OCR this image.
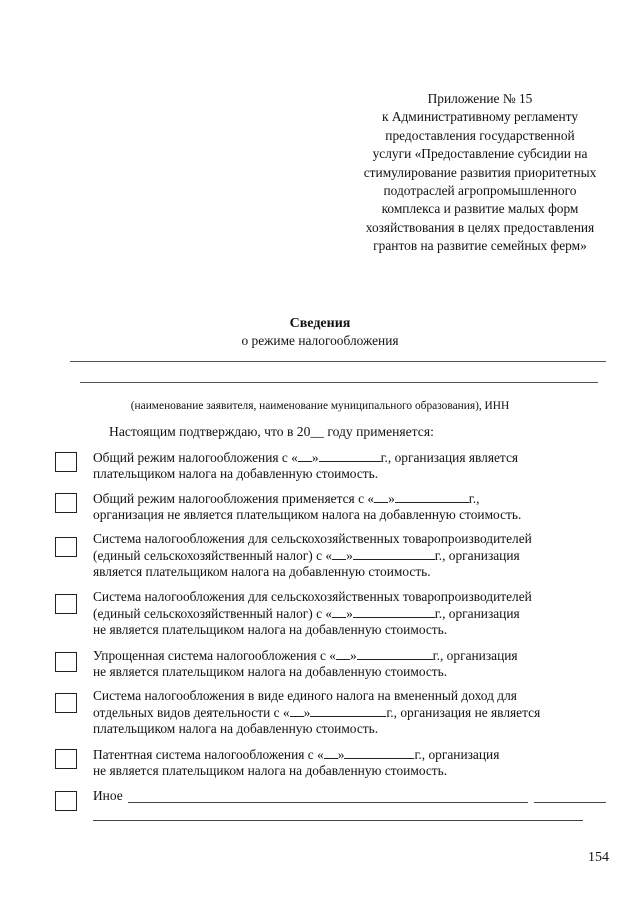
Приложение № 15
к Административному регламенту
предоставления государственной
услуги «Предоставление субсидии на
стимулирование развития приоритетных
подотраслей агропромышленного
комплекса и развитие малых форм
хозяйствования в целях предоставления
грантов на развитие семейных ферм»
Сведения
о режиме налогообложения
(наименование заявителя, наименование муниципального образования), ИНН
Настоящим подтверждаю, что в 20__ году применяется:
Общий режим налогообложения с « »	г., организация является
плательщиком налога на добавленную стоимость.
Общий режим налогообложения применяется с « »	г.,
организация не является плательщиком налога на добавленную стоимость.
Система налогообложения для сельскохозяйственных товаропроизводителей
(единый сельскохозяйственный налог) с « »	г., организация
является плательщиком налога на добавленную стоимость.
Система налогообложения для сельскохозяйственных товаропроизводителей
(единый сельскохозяйственный налог) с « »	г., организация
не является плательщиком налога на добавленную стоимость.
Упрощенная система налогообложения с « »	г., организация
не является плательщиком налога на добавленную стоимость.
Система налогообложения в виде единого налога на вмененный доход для
отдельных видов деятельности с « »	г., организация не является
плательщиком налога на добавленную стоимость.
Патентная система налогообложения с « »	г., организация
не является плательщиком налога на добавленную стоимость.
Иное
154
